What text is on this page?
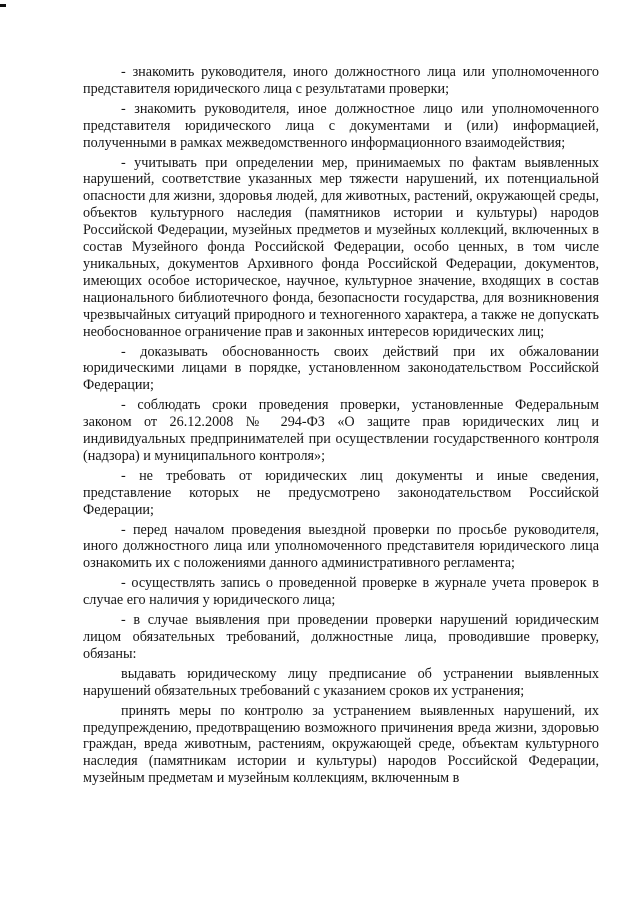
- знакомить руководителя, иного должностного лица или уполномоченного представителя юридического лица с результатами проверки;

- знакомить руководителя, иное должностное лицо или уполномоченного представителя юридического лица с документами и (или) информацией, полученными в рамках межведомственного информационного взаимодействия;

- учитывать при определении мер, принимаемых по фактам выявленных нарушений, соответствие указанных мер тяжести нарушений, их потенциальной опасности для жизни, здоровья людей, для животных, растений, окружающей среды, объектов культурного наследия (памятников истории и культуры) народов Российской Федерации, музейных предметов и музейных коллекций, включенных в состав Музейного фонда Российской Федерации, особо ценных, в том числе уникальных, документов Архивного фонда Российской Федерации, документов, имеющих особое историческое, научное, культурное значение, входящих в состав национального библиотечного фонда, безопасности государства, для возникновения чрезвычайных ситуаций природного и техногенного характера, а также не допускать необоснованное ограничение прав и законных интересов юридических лиц;

- доказывать обоснованность своих действий при их обжаловании юридическими лицами в порядке, установленном законодательством Российской Федерации;

- соблюдать сроки проведения проверки, установленные Федеральным законом от 26.12.2008 № 294-ФЗ «О защите прав юридических лиц и индивидуальных предпринимателей при осуществлении государственного контроля (надзора) и муниципального контроля»;

- не требовать от юридических лиц документы и иные сведения, представление которых не предусмотрено законодательством Российской Федерации;

- перед началом проведения выездной проверки по просьбе руководителя, иного должностного лица или уполномоченного представителя юридического лица ознакомить их с положениями данного административного регламента;

- осуществлять запись о проведенной проверке в журнале учета проверок в случае его наличия у юридического лица;

- в случае выявления при проведении проверки нарушений юридическим лицом обязательных требований, должностные лица, проводившие проверку, обязаны:

выдавать юридическому лицу предписание об устранении выявленных нарушений обязательных требований с указанием сроков их устранения;

принять меры по контролю за устранением выявленных нарушений, их предупреждению, предотвращению возможного причинения вреда жизни, здоровью граждан, вреда животным, растениям, окружающей среде, объектам культурного наследия (памятникам истории и культуры) народов Российской Федерации, музейным предметам и музейным коллекциям, включенным в
